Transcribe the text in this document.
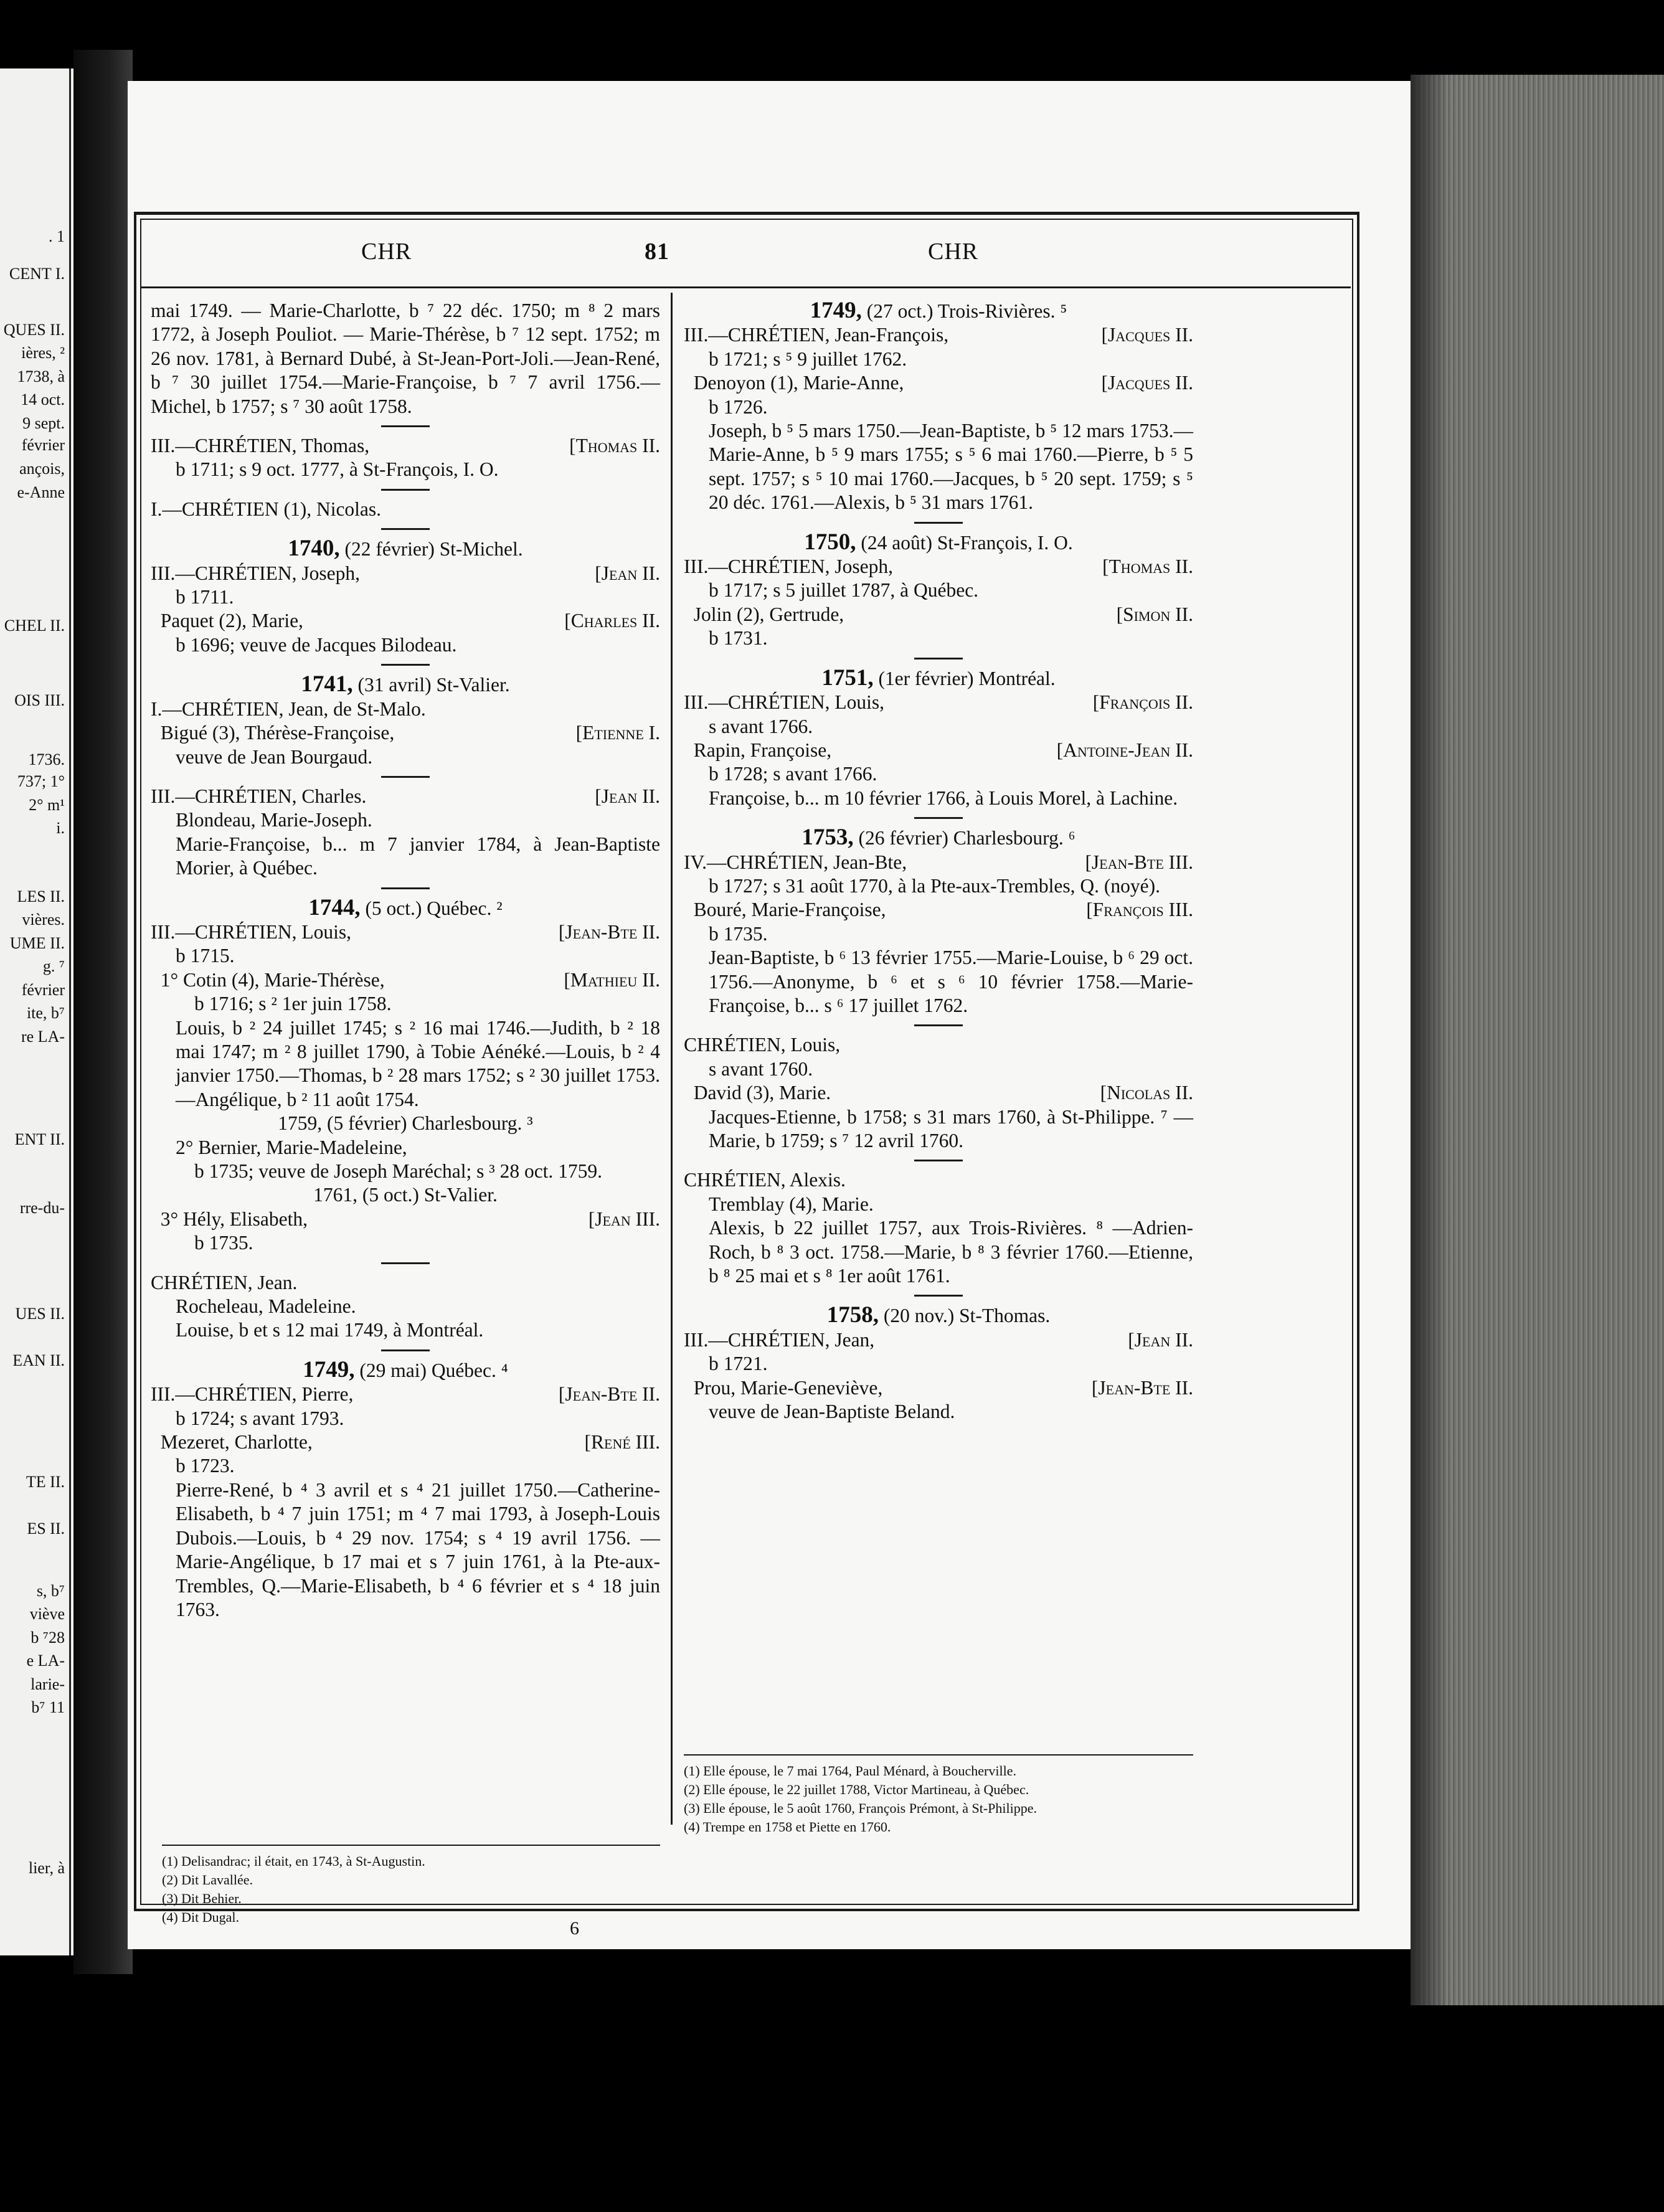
. 1
CENT I.
QUES II.
ières, ²
1738, à
14 oct.
9 sept.
février
ançois,
e-Anne
CHEL II.
OIS III.
1736.
737; 1°
2° m¹
i.
LES II.
vières.
UME II.
g. ⁷
février
ite, b⁷
re LA-
ENT II.
rre-du-
UES II.
EAN II.
TE II.
ES II.
s, b⁷
viève
b ⁷28
e LA-
larie-
b⁷ 11
lier, à
CHR	81	CHR

mai 1749. — Marie-Charlotte, b ⁷ 22 déc. 1750; m ⁸ 2 mars 1772, à Joseph Pouliot. — Marie-Thérèse, b ⁷ 12 sept. 1752; m 26 nov. 1781, à Bernard Dubé, à St-Jean-Port-Joli.—Jean-René, b ⁷ 30 juillet 1754.—Marie-Françoise, b ⁷ 7 avril 1756.—Michel, b 1757; s ⁷ 30 août 1758.

III.—CHRÉTIEN, Thomas,	[Thomas II.

b 1711; s 9 oct. 1777, à St-François, I. O.

I.—CHRÉTIEN (1), Nicolas.

1740, (22 février) St-Michel.

III.—CHRÉTIEN, Joseph,	[Jean II.

b 1711.

Paquet (2), Marie,	[Charles II.

b 1696; veuve de Jacques Bilodeau.

1741, (31 avril) St-Valier.

I.—CHRÉTIEN, Jean, de St-Malo.

Bigué (3), Thérèse-Françoise,	[Etienne I.

veuve de Jean Bourgaud.

III.—CHRÉTIEN, Charles.	[Jean II.

Blondeau, Marie-Joseph.

Marie-Françoise, b... m 7 janvier 1784, à Jean-Baptiste Morier, à Québec.

1744, (5 oct.) Québec. ²

III.—CHRÉTIEN, Louis,	[Jean-Bte II.

b 1715.

1° Cotin (4), Marie-Thérèse,	[Mathieu II.

b 1716; s ² 1er juin 1758.

Louis, b ² 24 juillet 1745; s ² 16 mai 1746.—Judith, b ² 18 mai 1747; m ² 8 juillet 1790, à Tobie Aénéké.—Louis, b ² 4 janvier 1750.—Thomas, b ² 28 mars 1752; s ² 30 juillet 1753.—Angélique, b ² 11 août 1754.

1759, (5 février) Charlesbourg. ³

2° Bernier, Marie-Madeleine,

b 1735; veuve de Joseph Maréchal; s ³ 28 oct. 1759.

1761, (5 oct.) St-Valier.

3° Hély, Elisabeth,	[Jean III.

b 1735.

CHRÉTIEN, Jean.

Rocheleau, Madeleine.

Louise, b et s 12 mai 1749, à Montréal.

1749, (29 mai) Québec. ⁴

III.—CHRÉTIEN, Pierre,	[Jean-Bte II.

b 1724; s avant 1793.

Mezeret, Charlotte,	[René III.

b 1723.

Pierre-René, b ⁴ 3 avril et s ⁴ 21 juillet 1750.—Catherine-Elisabeth, b ⁴ 7 juin 1751; m ⁴ 7 mai 1793, à Joseph-Louis Dubois.—Louis, b ⁴ 29 nov. 1754; s ⁴ 19 avril 1756. —Marie-Angélique, b 17 mai et s 7 juin 1761, à la Pte-aux-Trembles, Q.—Marie-Elisabeth, b ⁴ 6 février et s ⁴ 18 juin 1763.

1749, (27 oct.) Trois-Rivières. ⁵

III.—CHRÉTIEN, Jean-François,	[Jacques II.

b 1721; s ⁵ 9 juillet 1762.

Denoyon (1), Marie-Anne,	[Jacques II.

b 1726.

Joseph, b ⁵ 5 mars 1750.—Jean-Baptiste, b ⁵ 12 mars 1753.—Marie-Anne, b ⁵ 9 mars 1755; s ⁵ 6 mai 1760.—Pierre, b ⁵ 5 sept. 1757; s ⁵ 10 mai 1760.—Jacques, b ⁵ 20 sept. 1759; s ⁵ 20 déc. 1761.—Alexis, b ⁵ 31 mars 1761.

1750, (24 août) St-François, I. O.

III.—CHRÉTIEN, Joseph,	[Thomas II.

b 1717; s 5 juillet 1787, à Québec.

Jolin (2), Gertrude,	[Simon II.

b 1731.

1751, (1er février) Montréal.

III.—CHRÉTIEN, Louis,	[François II.

s avant 1766.

Rapin, Françoise,	[Antoine-Jean II.

b 1728; s avant 1766.

Françoise, b... m 10 février 1766, à Louis Morel, à Lachine.

1753, (26 février) Charlesbourg. ⁶

IV.—CHRÉTIEN, Jean-Bte,	[Jean-Bte III.

b 1727; s 31 août 1770, à la Pte-aux-Trembles, Q. (noyé).

Bouré, Marie-Françoise,	[François III.

b 1735.

Jean-Baptiste, b ⁶ 13 février 1755.—Marie-Louise, b ⁶ 29 oct. 1756.—Anonyme, b ⁶ et s ⁶ 10 février 1758.—Marie-Françoise, b... s ⁶ 17 juillet 1762.

CHRÉTIEN, Louis,

s avant 1760.

David (3), Marie.	[Nicolas II.

Jacques-Etienne, b 1758; s 31 mars 1760, à St-Philippe. ⁷ — Marie, b 1759; s ⁷ 12 avril 1760.

CHRÉTIEN, Alexis.

Tremblay (4), Marie.

Alexis, b 22 juillet 1757, aux Trois-Rivières. ⁸ —Adrien-Roch, b ⁸ 3 oct. 1758.—Marie, b ⁸ 3 février 1760.—Etienne, b ⁸ 25 mai et s ⁸ 1er août 1761.

1758, (20 nov.) St-Thomas.

III.—CHRÉTIEN, Jean,	[Jean II.

b 1721.

Prou, Marie-Geneviève,	[Jean-Bte II.

veuve de Jean-Baptiste Beland.

(1) Delisandrac; il était, en 1743, à St-Augustin.
(2) Dit Lavallée.
(3) Dit Behier.
(4) Dit Dugal.
(1) Elle épouse, le 7 mai 1764, Paul Ménard, à Boucherville.
(2) Elle épouse, le 22 juillet 1788, Victor Martineau, à Québec.
(3) Elle épouse, le 5 août 1760, François Prémont, à St-Philippe.
(4) Trempe en 1758 et Piette en 1760.
6
